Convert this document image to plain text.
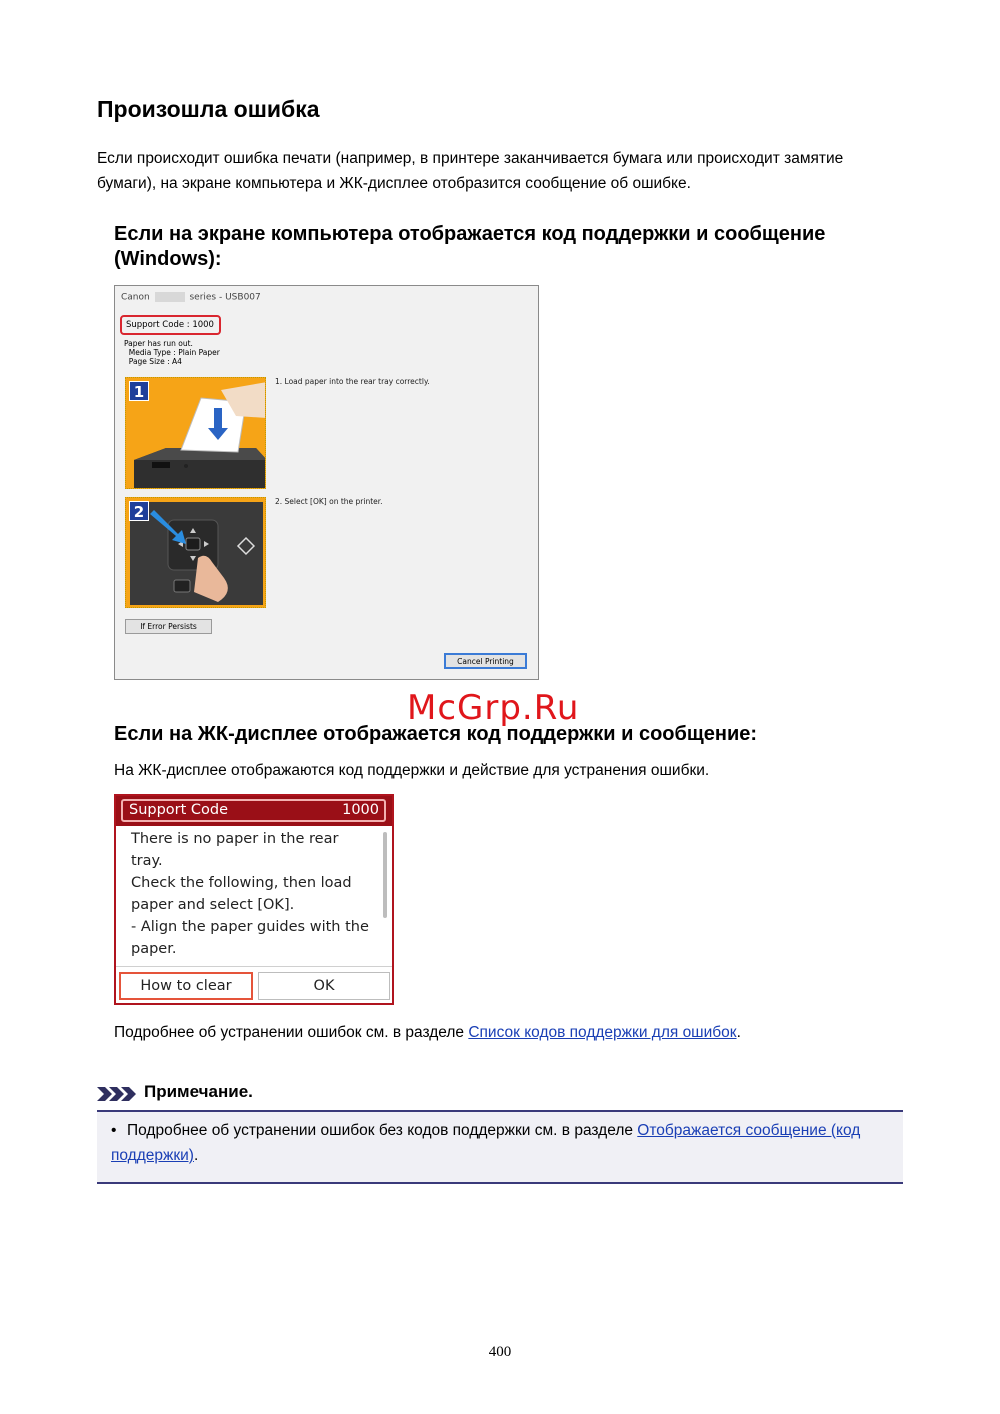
Произошла ошибка
Если происходит ошибка печати (например, в принтере заканчивается бумага или происходит замятие бумаги), на экране компьютера и ЖК-дисплее отобразится сообщение об ошибке.
Если на экране компьютера отображается код поддержки и сообщение (Windows):
Canon	series - USB007
Support Code : 1000
Paper has run out.
Media Type : Plain Paper
Page Size : A4
1
1. Load paper into the rear tray correctly.
2
2. Select [OK] on the printer.
If Error Persists
Cancel Printing
McGrp.Ru
Если на ЖК-дисплее отображается код поддержки и сообщение:
На ЖК-дисплее отображаются код поддержки и действие для устранения ошибки.
Support Code	1000
There is no paper in the rear
tray.
Check the following, then load
paper and select [OK].
- Align the paper guides with the
paper.
How to clear	OK
Подробнее об устранении ошибок см. в разделе Список кодов поддержки для ошибок.
Примечание.
• Подробнее об устранении ошибок без кодов поддержки см. в разделе Отображается сообщение (код поддержки).
400
